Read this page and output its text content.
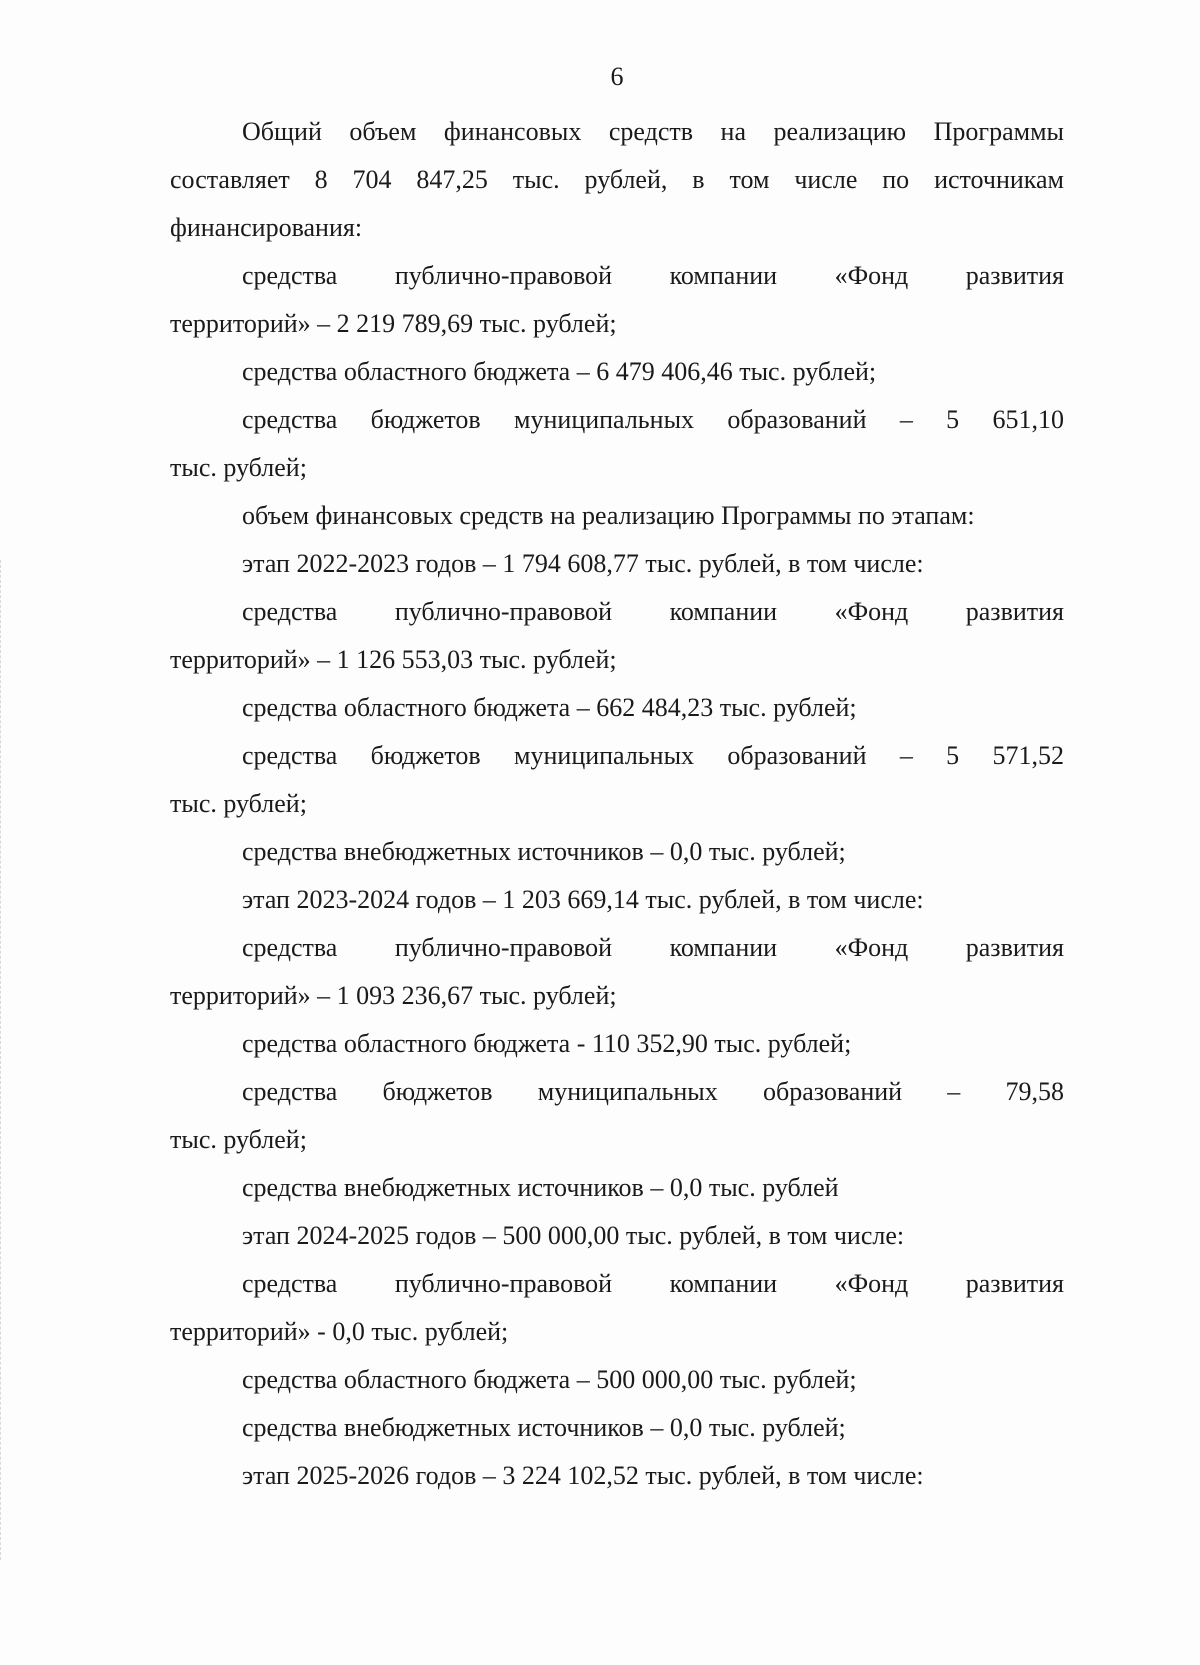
6
Общий объем финансовых средств на реализацию Программы
составляет 8 704 847,25 тыс. рублей, в том числе по источникам
финансирования:
средства публично-правовой компании «Фонд развития
территорий» – 2 219 789,69 тыс. рублей;
средства областного бюджета – 6 479 406,46 тыс. рублей;
средства бюджетов муниципальных образований – 5 651,10
тыс. рублей;
объем финансовых средств на реализацию Программы по этапам:
этап 2022-2023 годов – 1 794 608,77 тыс. рублей, в том числе:
средства публично-правовой компании «Фонд развития
территорий» – 1 126 553,03 тыс. рублей;
средства областного бюджета – 662 484,23 тыс. рублей;
средства бюджетов муниципальных образований – 5 571,52
тыс. рублей;
средства внебюджетных источников – 0,0 тыс. рублей;
этап 2023-2024 годов – 1 203 669,14 тыс. рублей, в том числе:
средства публично-правовой компании «Фонд развития
территорий» – 1 093 236,67 тыс. рублей;
средства областного бюджета - 110 352,90 тыс. рублей;
средства бюджетов муниципальных образований – 79,58
тыс. рублей;
средства внебюджетных источников – 0,0 тыс. рублей
этап 2024-2025 годов – 500 000,00 тыс. рублей, в том числе:
средства публично-правовой компании «Фонд развития
территорий» - 0,0 тыс. рублей;
средства областного бюджета – 500 000,00 тыс. рублей;
средства внебюджетных источников – 0,0 тыс. рублей;
этап 2025-2026 годов – 3 224 102,52 тыс. рублей, в том числе:
